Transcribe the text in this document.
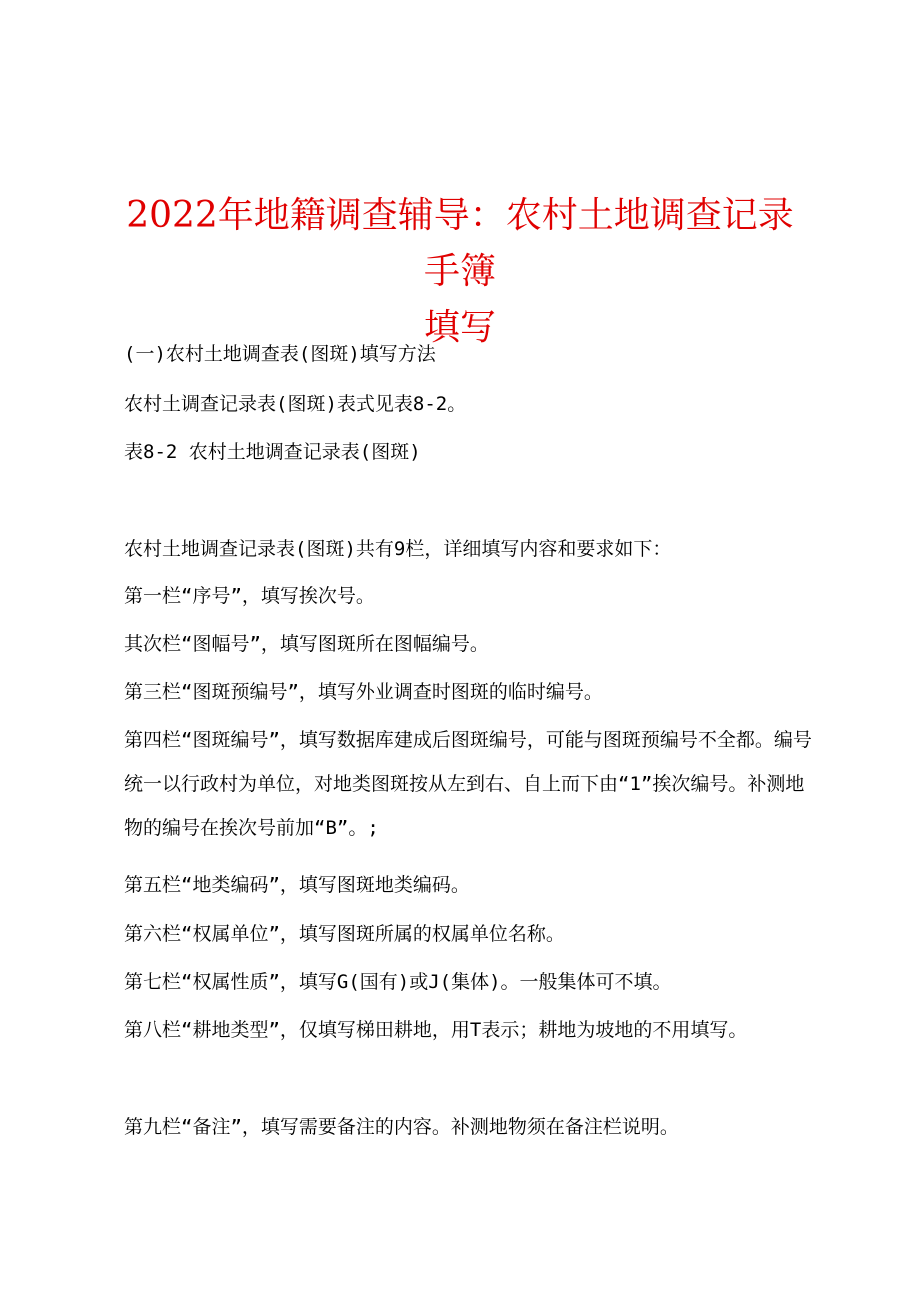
2022年地籍调查辅导：农村土地调查记录手簿
填写

(一)农村土地调查表(图斑)填写方法

农村土调查记录表(图斑)表式见表8-2。

表8-2 农村土地调查记录表(图斑)

农村土地调查记录表(图斑)共有9栏，详细填写内容和要求如下：

第一栏“序号”，填写挨次号。

其次栏“图幅号”，填写图斑所在图幅编号。

第三栏“图斑预编号”，填写外业调查时图斑的临时编号。

第四栏“图斑编号”，填写数据库建成后图斑编号，可能与图斑预编号不全都。编号统一以行政村为单位，对地类图斑按从左到右、自上而下由“1”挨次编号。补测地物的编号在挨次号前加“B”。;

第五栏“地类编码”，填写图斑地类编码。

第六栏“权属单位”，填写图斑所属的权属单位名称。

第七栏“权属性质”，填写G(国有)或J(集体)。一般集体可不填。

第八栏“耕地类型”，仅填写梯田耕地，用T表示；耕地为坡地的不用填写。

第九栏“备注”，填写需要备注的内容。补测地物须在备注栏说明。
